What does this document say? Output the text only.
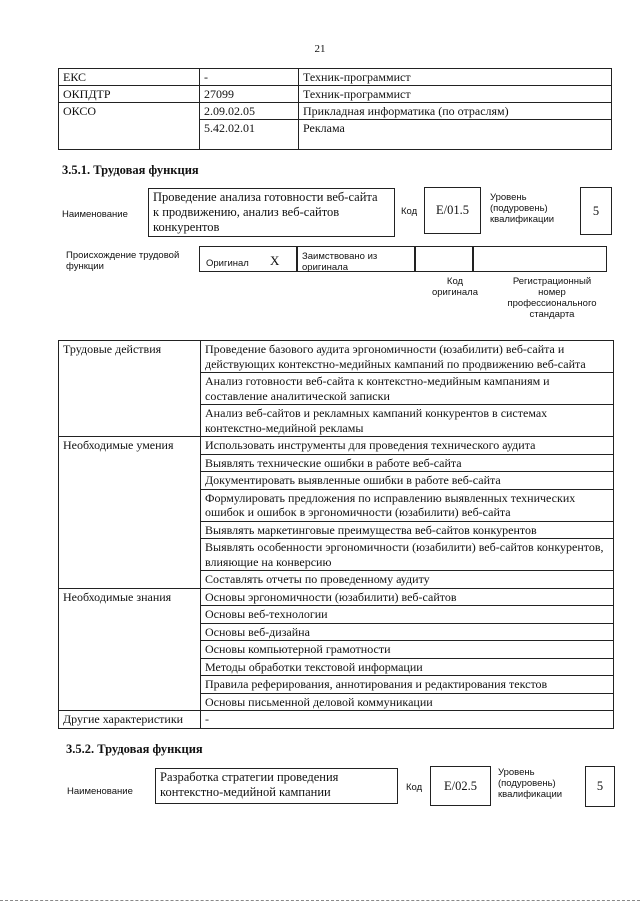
21
ЕКС	-	Техник-программист
ОКПДТР	27099	Техник-программист
ОКСО	2.09.02.05	Прикладная информатика (по отраслям)
	5.42.02.01	Реклама
3.5.1. Трудовая функция
Наименование
Проведение анализа готовности веб-сайта
к продвижению, анализ веб-сайтов
конкурентов
Код	E/01.5
Уровень
(подуровень)
квалификации
5
Происхождение трудовой
функции	Оригинал X Заимствовано из
оригинала
Код
оригинала
Регистрационный
номер
профессионального
стандарта
Трудовые действия	Проведение базового аудита эргономичности (юзабилити) веб-сайта и действующих контекстно-медийных кампаний по продвижению веб-сайта
	Анализ готовности веб-сайта к контекстно-медийным кампаниям и составление аналитической записки
	Анализ веб-сайтов и рекламных кампаний конкурентов в системах контекстно-медийной рекламы
Необходимые умения	Использовать инструменты для проведения технического аудита
	Выявлять технические ошибки в работе веб-сайта
	Документировать выявленные ошибки в работе веб-сайта
	Формулировать предложения по исправлению выявленных технических ошибок и ошибок в эргономичности (юзабилити) веб-сайта
	Выявлять маркетинговые преимущества веб-сайтов конкурентов
	Выявлять особенности эргономичности (юзабилити) веб-сайтов конкурентов, влияющие на конверсию
	Составлять отчеты по проведенному аудиту
Необходимые знания	Основы эргономичности (юзабилити) веб-сайтов
	Основы веб-технологии
	Основы веб-дизайна
	Основы компьютерной грамотности
	Методы обработки текстовой информации
	Правила реферирования, аннотирования и редактирования текстов
	Основы письменной деловой коммуникации
Другие характеристики	-
3.5.2. Трудовая функция
Наименование
Разработка стратегии проведения
контекстно-медийной кампании	Код	E/02.5
Уровень
(подуровень)
квалификации
5
